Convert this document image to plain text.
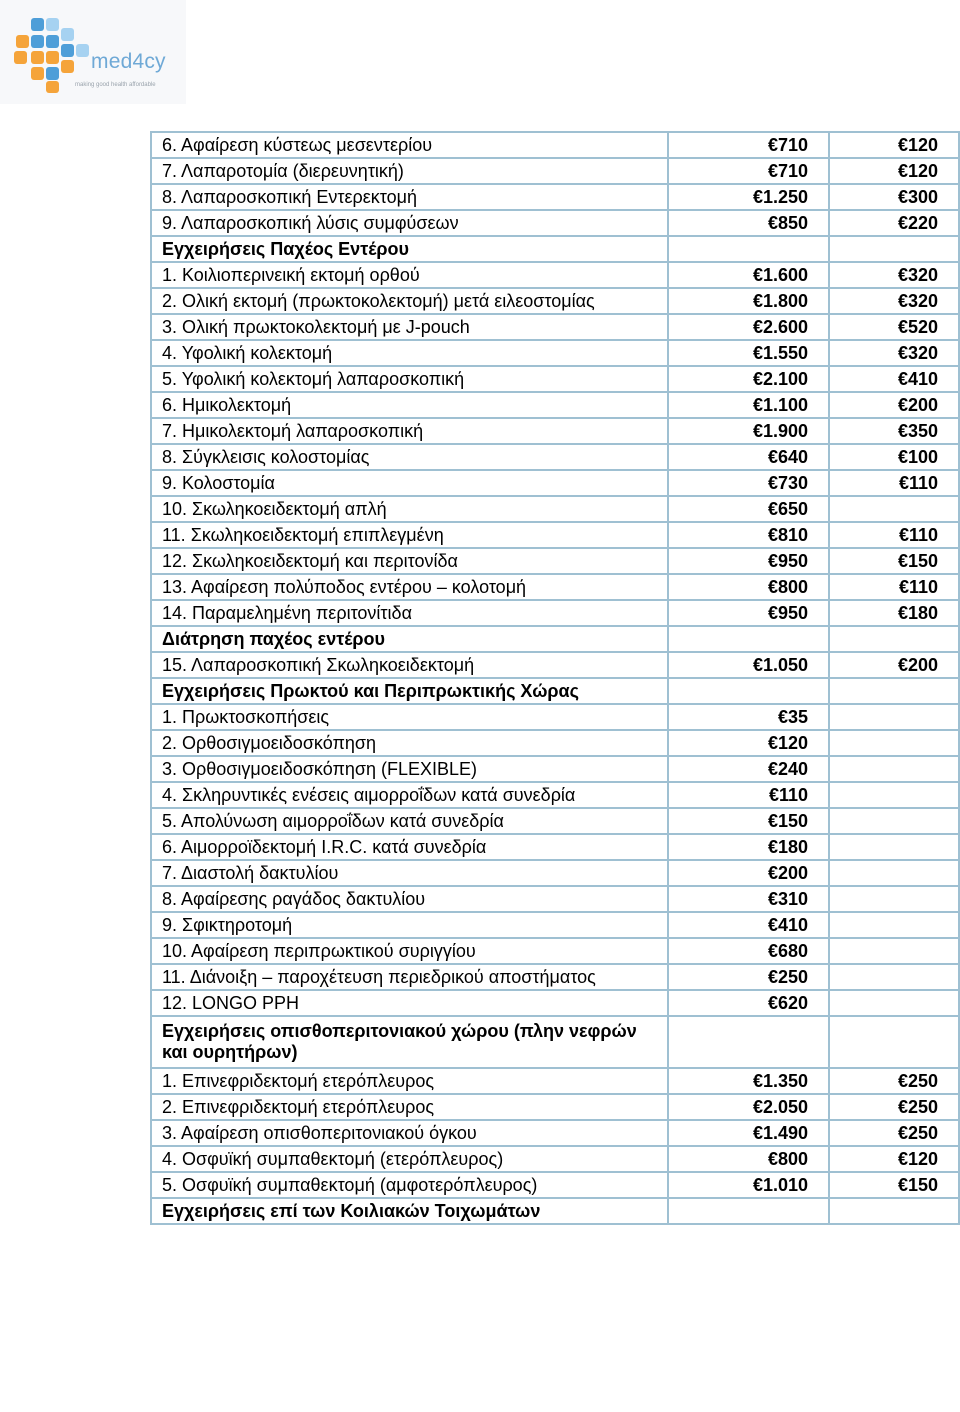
med4cy
making good health affordable
6. Αφαίρεση κύστεως μεσεντερίου	€710	€120
7. Λαπαροτομία (διερευνητική)	€710	€120
8. Λαπαροσκοπική Εντερεκτομή	€1.250	€300
9. Λαπαροσκοπική λύσις συμφύσεων	€850	€220
Εγχειρήσεις Παχέος Εντέρου		
1. Κοιλιοπερινεική εκτομή ορθού	€1.600	€320
2. Ολική εκτομή (πρωκτοκολεκτομή) μετά ειλεοστομίας	€1.800	€320
3. Ολική πρωκτοκολεκτομή με J-pouch	€2.600	€520
4. Υφολική κολεκτομή	€1.550	€320
5. Υφολική κολεκτομή λαπαροσκοπική	€2.100	€410
6. Ημικολεκτομή	€1.100	€200
7. Ημικολεκτομή λαπαροσκοπική	€1.900	€350
8. Σύγκλεισις κολοστομίας	€640	€100
9. Κολοστομία	€730	€110
10. Σκωληκοειδεκτομή απλή	€650	
11. Σκωληκοειδεκτομή επιπλεγμένη	€810	€110
12. Σκωληκοειδεκτομή και περιτονίδα	€950	€150
13. Αφαίρεση πολύποδος εντέρου – κολοτομή	€800	€110
14. Παραμελημένη περιτονίτιδα	€950	€180
Διάτρηση παχέος εντέρου		
15. Λαπαροσκοπική Σκωληκοειδεκτομή	€1.050	€200
Εγχειρήσεις Πρωκτού και Περιπρωκτικής Χώρας		
1. Πρωκτοσκοπήσεις	€35	
2. Ορθοσιγμοειδοσκόπηση	€120	
3. Ορθοσιγμοειδοσκόπηση (FLEXIBLE)	€240	
4. Σκληρυντικές ενέσεις αιμορροΐδων κατά συνεδρία	€110	
5. Απολύνωση αιμορροΐδων κατά συνεδρία	€150	
6. Αιμορροϊδεκτομή I.R.C. κατά συνεδρία	€180	
7. Διαστολή δακτυλίου	€200	
8. Αφαίρεσης ραγάδος δακτυλίου	€310	
9. Σφικτηροτομή	€410	
10. Αφαίρεση περιπρωκτικού συριγγίου	€680	
11. Διάνοιξη – παροχέτευση περιεδρικού αποστήματος	€250	
12. LONGO PPH	€620	
Εγχειρήσεις οπισθοπεριτονιακού χώρου (πλην νεφρών και ουρητήρων)		
1. Επινεφριδεκτομή ετερόπλευρος	€1.350	€250
2. Επινεφριδεκτομή ετερόπλευρος	€2.050	€250
3. Αφαίρεση οπισθοπεριτονιακού όγκου	€1.490	€250
4. Οσφυϊκή συμπαθεκτομή (ετερόπλευρος)	€800	€120
5. Οσφυϊκή συμπαθεκτομή (αμφοτερόπλευρος)	€1.010	€150
Εγχειρήσεις επί των Κοιλιακών Τοιχωμάτων		
